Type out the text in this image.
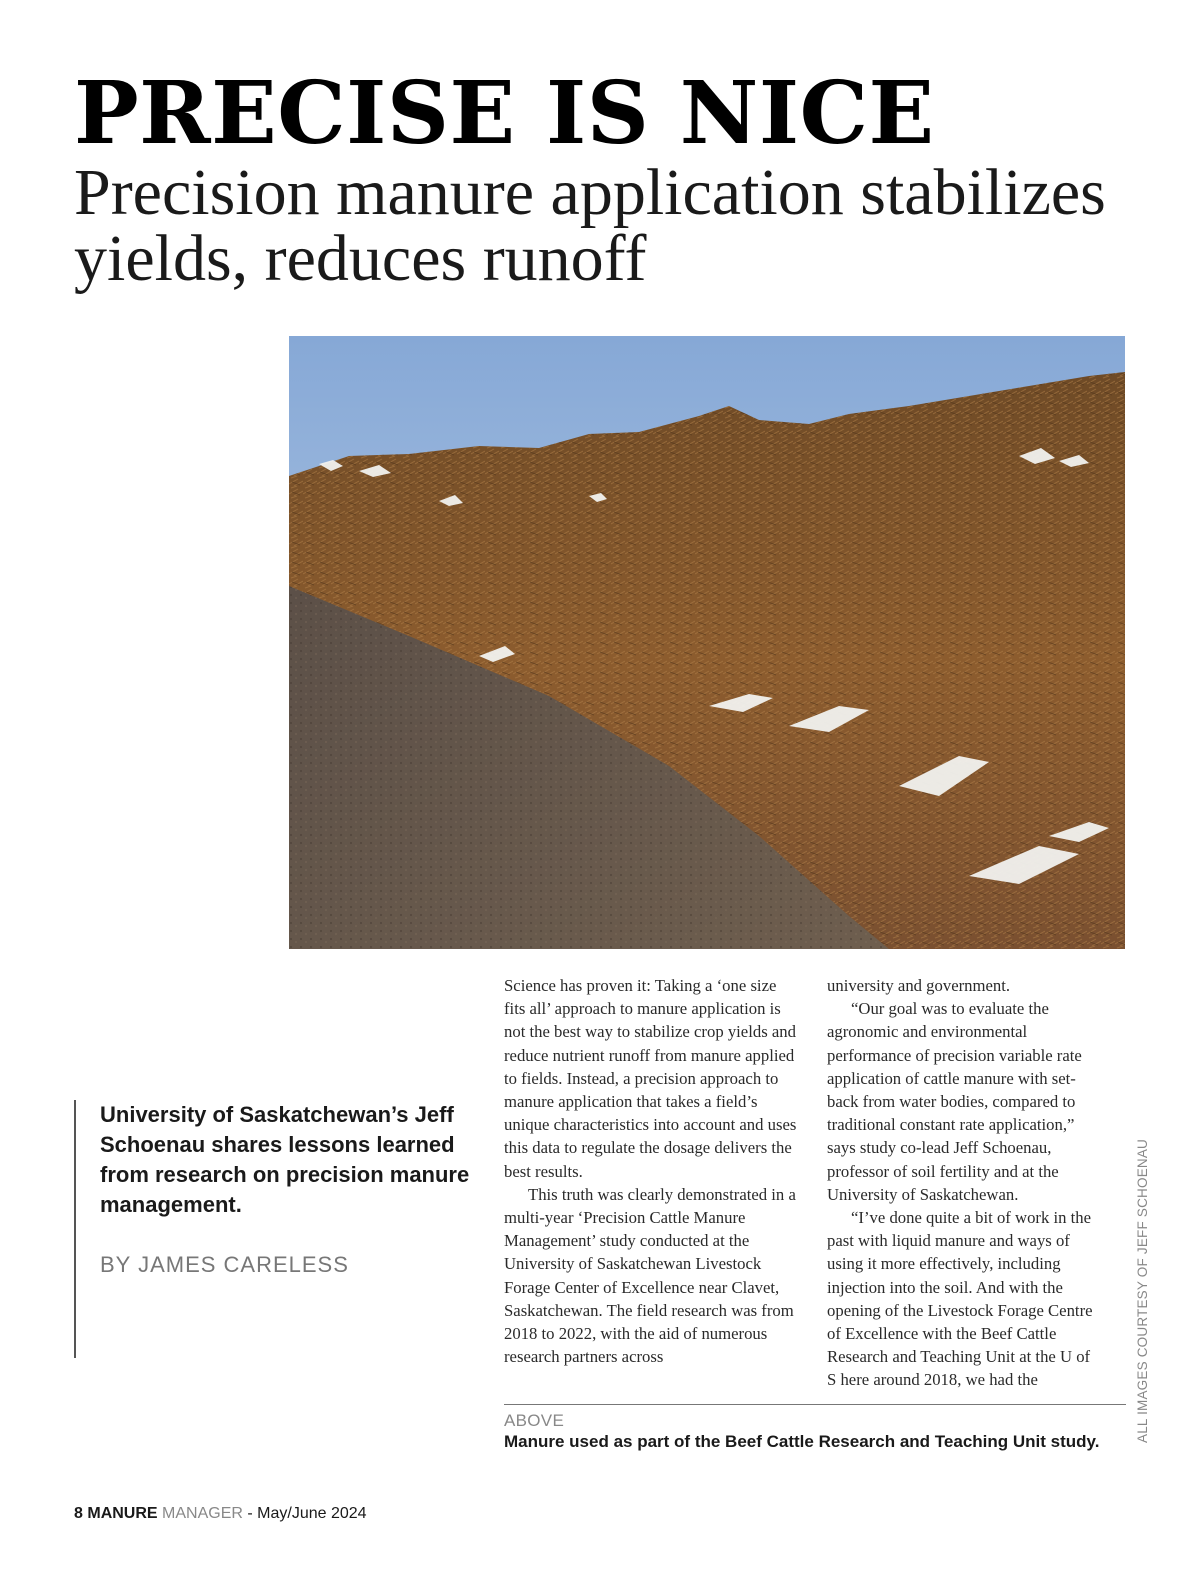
PRECISE IS NICE
Precision manure application stabilizes yields, reduces runoff

University of Saskatchewan’s Jeff Schoenau shares lessons learned from research on precision manure management.

BY JAMES CARELESS

Science has proven it: Taking a ‘one size fits all’ approach to manure application is not the best way to stabilize crop yields and reduce nutrient runoff from manure applied to fields. Instead, a precision approach to manure application that takes a field’s unique characteristics into account and uses this data to regulate the dosage delivers the best results.

This truth was clearly demonstrated in a multi-year ‘Precision Cattle Manure Management’ study conducted at the University of Saskatchewan Livestock Forage Center of Excellence near Clavet, Saskatchewan. The field research was from 2018 to 2022, with the aid of numerous research partners across

university and government.

“Our goal was to evaluate the agronomic and environmental performance of precision variable rate application of cattle manure with set-back from water bodies, compared to traditional constant rate application,” says study co-lead Jeff Schoenau, professor of soil fertility and at the University of Saskatchewan.

“I’ve done quite a bit of work in the past with liquid manure and ways of using it more effectively, including injection into the soil. And with the opening of the Livestock Forage Centre of Excellence with the Beef Cattle Research and Teaching Unit at the U of S here around 2018, we had the

ABOVE
Manure used as part of the Beef Cattle Research and Teaching Unit study.	ALL IMAGES COURTESY OF JEFF SCHOENAU
8 MANURE MANAGER - May/June 2024
